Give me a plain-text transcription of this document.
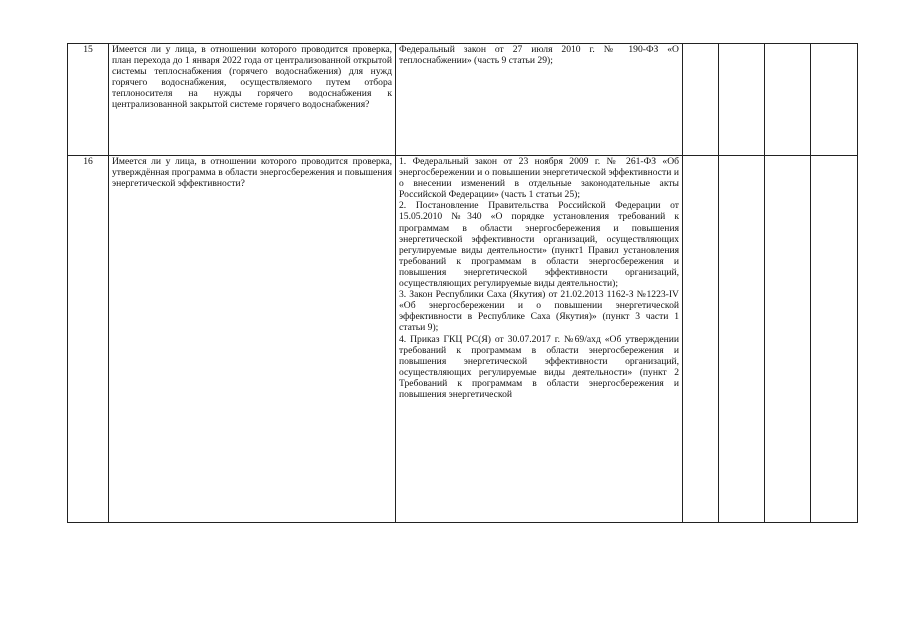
15	Имеется ли у лица, в отношении которого проводится проверка, план перехода до 1 января 2022 года от централизованной открытой системы теплоснабжения (горячего водоснабжения) для нужд горячего водоснабжения, осуществляемого путем отбора теплоносителя на нужды горячего водоснабжения к централизованной закрытой системе горячего водоснабжения?	Федеральный закон от 27 июля 2010 г. № 190-ФЗ «О теплоснабжении» (часть 9 статьи 29);				

16	Имеется ли у лица, в отношении которого проводится проверка, утверждённая программа в области энергосбережения и повышения энергетической эффективности?	1. Федеральный закон от 23 ноября 2009 г. № 261-ФЗ «Об энергосбережении и о повышении энергетической эффективности и о внесении изменений в отдельные законодательные акты Российской Федерации» (часть 1 статьи 25);
2. Постановление Правительства Российской Федерации от 15.05.2010 №340 «О порядке установления требований к программам в области энергосбережения и повышения энергетической эффективности организаций, осуществляющих регулируемые виды деятельности» (пункт1 Правил установления требований к программам в области энергосбережения и повышения энергетической эффективности организаций, осуществляющих регулируемые виды деятельности);
3. Закон Республики Саха (Якутия) от 21.02.2013 1162-З №1223-IV «Об энергосбережении и о повышении энергетической эффективности в Республике Саха (Якутия)» (пункт 3 части 1 статьи 9);
4. Приказ ГКЦ РС(Я) от 30.07.2017 г. №69/ахд «Об утверждении требований к программам в области энергосбережения и повышения энергетической эффективности организаций, осуществляющих регулируемые виды деятельности» (пункт 2 Требований к программам в области энергосбережения и повышения энергетической				
